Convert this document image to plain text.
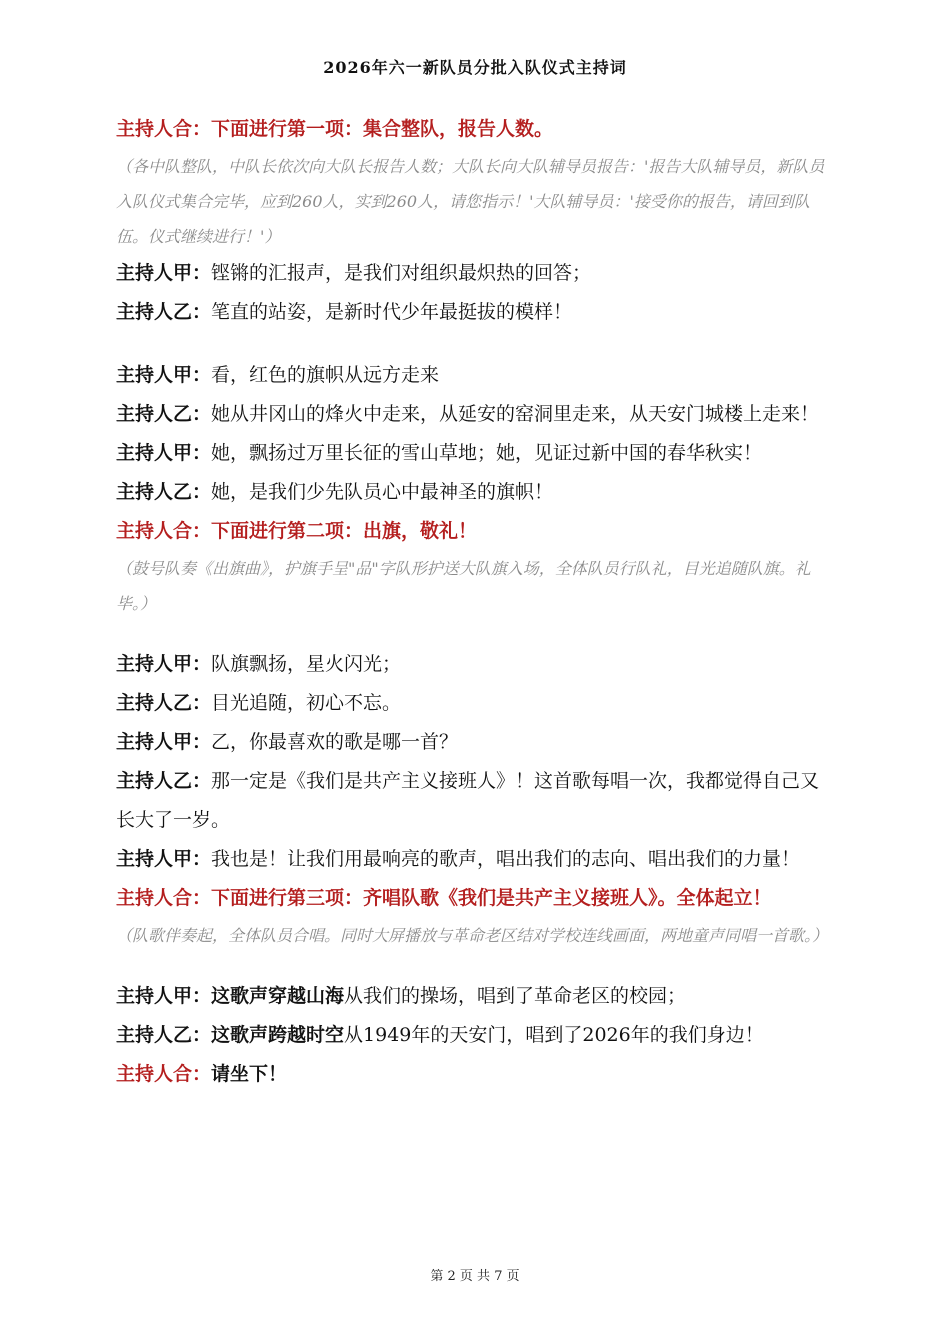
2026年六一新队员分批入队仪式主持词

主持人合：下面进行第一项：集合整队，报告人数。

（各中队整队，中队长依次向大队长报告人数；大队长向大队辅导员报告：'报告大队辅导员，新队员入队仪式集合完毕，应到260人，实到260人，请您指示！'大队辅导员：'接受你的报告，请回到队伍。仪式继续进行！'）

主持人甲：铿锵的汇报声，是我们对组织最炽热的回答；

主持人乙：笔直的站姿，是新时代少年最挺拔的模样！

主持人甲：看，红色的旗帜从远方走来

主持人乙：她从井冈山的烽火中走来，从延安的窑洞里走来，从天安门城楼上走来！

主持人甲：她，飘扬过万里长征的雪山草地；她，见证过新中国的春华秋实！

主持人乙：她，是我们少先队员心中最神圣的旗帜！

主持人合：下面进行第二项：出旗，敬礼！

（鼓号队奏《出旗曲》，护旗手呈"品"字队形护送大队旗入场，全体队员行队礼，目光追随队旗。礼毕。）

主持人甲：队旗飘扬，星火闪光；

主持人乙：目光追随，初心不忘。

主持人甲：乙，你最喜欢的歌是哪一首？

主持人乙：那一定是《我们是共产主义接班人》！这首歌每唱一次，我都觉得自己又长大了一岁。

主持人甲：我也是！让我们用最响亮的歌声，唱出我们的志向、唱出我们的力量！

主持人合：下面进行第三项：齐唱队歌《我们是共产主义接班人》。全体起立！

（队歌伴奏起，全体队员合唱。同时大屏播放与革命老区结对学校连线画面，两地童声同唱一首歌。）

主持人甲：这歌声穿越山海从我们的操场，唱到了革命老区的校园；

主持人乙：这歌声跨越时空从1949年的天安门，唱到了2026年的我们身边！

主持人合：请坐下！

第 2 页 共 7 页
